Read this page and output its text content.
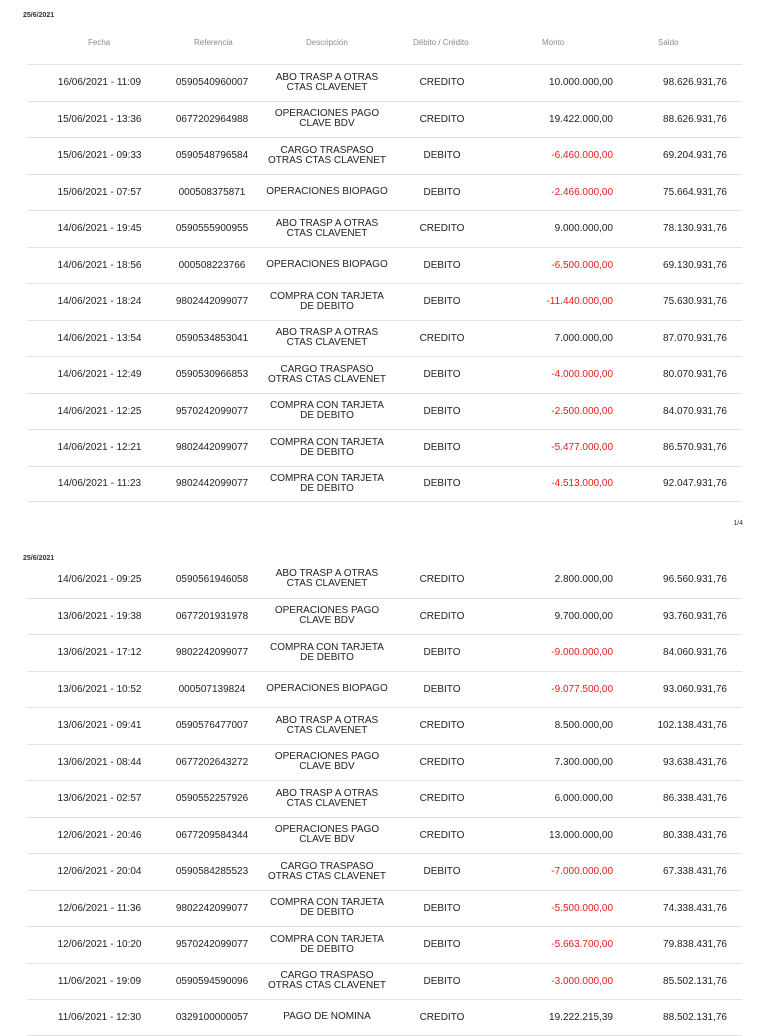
25/6/2021
Fecha	Referencia	Descripción	Débito / Crédito	Monto	Saldo
16/06/2021 - 11:09	0590540960007	ABO TRASP A OTRAS CTAS CLAVENET	CREDITO	10.000.000,00	98.626.931,76
15/06/2021 - 13:36	0677202964988	OPERACIONES PAGO CLAVE BDV	CREDITO	19.422.000,00	88.626.931,76
15/06/2021 - 09:33	0590548796584	CARGO TRASPASO OTRAS CTAS CLAVENET	DEBITO	-6.460.000,00	69.204.931,76
15/06/2021 - 07:57	000508375871	OPERACIONES BIOPAGO	DEBITO	-2.466.000,00	75.664.931,76
14/06/2021 - 19:45	0590555900955	ABO TRASP A OTRAS CTAS CLAVENET	CREDITO	9.000.000,00	78.130.931,76
14/06/2021 - 18:56	000508223766	OPERACIONES BIOPAGO	DEBITO	-6.500.000,00	69.130.931,76
14/06/2021 - 18:24	9802442099077	COMPRA CON TARJETA DE DEBITO	DEBITO	-11.440.000,00	75.630.931,76
14/06/2021 - 13:54	0590534853041	ABO TRASP A OTRAS CTAS CLAVENET	CREDITO	7.000.000,00	87.070.931,76
14/06/2021 - 12:49	0590530966853	CARGO TRASPASO OTRAS CTAS CLAVENET	DEBITO	-4.000.000,00	80.070.931,76
14/06/2021 - 12:25	9570242099077	COMPRA CON TARJETA DE DEBITO	DEBITO	-2.500.000,00	84.070.931,76
14/06/2021 - 12:21	9802442099077	COMPRA CON TARJETA DE DEBITO	DEBITO	-5.477.000,00	86.570.931,76
14/06/2021 - 11:23	9802442099077	COMPRA CON TARJETA DE DEBITO	DEBITO	-4.513.000,00	92.047.931,76
1/4
25/6/2021
14/06/2021 - 09:25	0590561946058	ABO TRASP A OTRAS CTAS CLAVENET	CREDITO	2.800.000,00	96.560.931,76
13/06/2021 - 19:38	0677201931978	OPERACIONES PAGO CLAVE BDV	CREDITO	9.700.000,00	93.760.931,76
13/06/2021 - 17:12	9802242099077	COMPRA CON TARJETA DE DEBITO	DEBITO	-9.000.000,00	84.060.931,76
13/06/2021 - 10:52	000507139824	OPERACIONES BIOPAGO	DEBITO	-9.077.500,00	93.060.931,76
13/06/2021 - 09:41	0590576477007	ABO TRASP A OTRAS CTAS CLAVENET	CREDITO	8.500.000,00	102.138.431,76
13/06/2021 - 08:44	0677202643272	OPERACIONES PAGO CLAVE BDV	CREDITO	7.300.000,00	93.638.431,76
13/06/2021 - 02:57	0590552257926	ABO TRASP A OTRAS CTAS CLAVENET	CREDITO	6.000.000,00	86.338.431,76
12/06/2021 - 20:46	0677209584344	OPERACIONES PAGO CLAVE BDV	CREDITO	13.000.000,00	80.338.431,76
12/06/2021 - 20:04	0590584285523	CARGO TRASPASO OTRAS CTAS CLAVENET	DEBITO	-7.000.000,00	67.338.431,76
12/06/2021 - 11:36	9802242099077	COMPRA CON TARJETA DE DEBITO	DEBITO	-5.500.000,00	74.338.431,76
12/06/2021 - 10:20	9570242099077	COMPRA CON TARJETA DE DEBITO	DEBITO	-5.663.700,00	79.838.431,76
11/06/2021 - 19:09	0590594590096	CARGO TRASPASO OTRAS CTAS CLAVENET	DEBITO	-3.000.000,00	85.502.131,76
11/06/2021 - 12:30	0329100000057	PAGO DE NOMINA	CREDITO	19.222.215,39	88.502.131,76
